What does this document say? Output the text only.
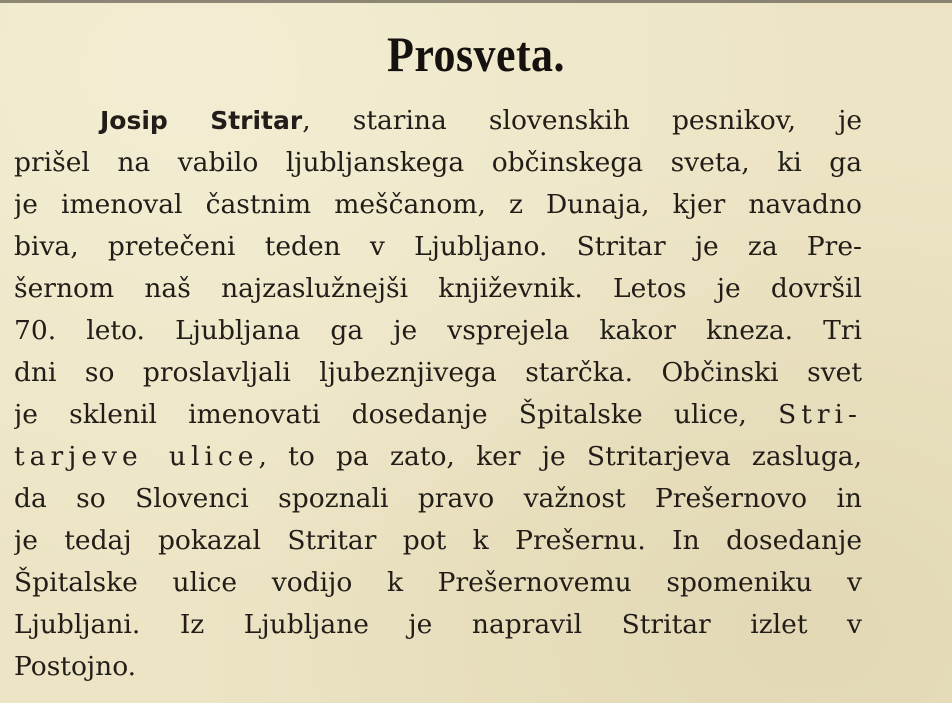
Prosveta.
Josip Stritar, starina slovenskih pesnikov, je
prišel na vabilo ljubljanskega občinskega sveta, ki ga
je imenoval častnim meščanom, z Dunaja, kjer navadno
biva, pretečeni teden v Ljubljano. Stritar je za Pre-
šernom naš najzaslužnejši književnik. Letos je dovršil
70. leto. Ljubljana ga je vsprejela kakor kneza. Tri
dni so proslavljali ljubeznjivega starčka. Občinski svet
je sklenil imenovati dosedanje Špitalske ulice, Stri-
tarjeve ulice, to pa zato, ker je Stritarjeva zasluga,
da so Slovenci spoznali pravo važnost Prešernovo in
je tedaj pokazal Stritar pot k Prešernu. In dosedanje
Špitalske ulice vodijo k Prešernovemu spomeniku v
Ljubljani. Iz Ljubljane je napravil Stritar izlet v
Postojno.
